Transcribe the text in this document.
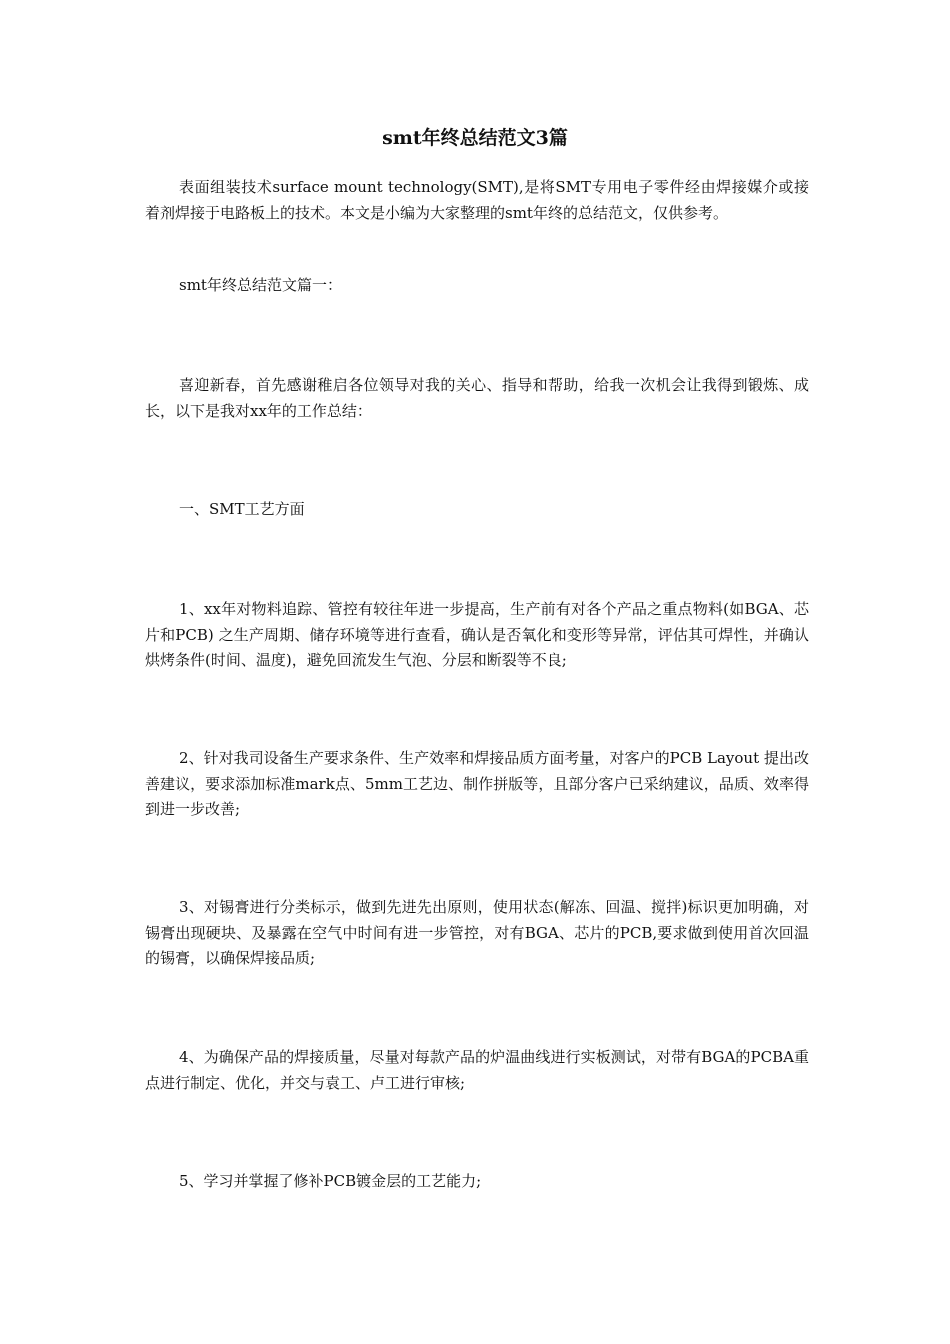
smt年终总结范文3篇
表面组装技术surface mount technology(SMT),是将SMT专用电子零件经由焊接媒介或接着剂焊接于电路板上的技术。本文是小编为大家整理的smt年终的总结范文，仅供参考。
smt年终总结范文篇一：
喜迎新春，首先感谢稚启各位领导对我的关心、指导和帮助，给我一次机会让我得到锻炼、成长，以下是我对xx年的工作总结：
一、SMT工艺方面
1、xx年对物料追踪、管控有较往年进一步提高，生产前有对各个产品之重点物料(如BGA、芯片和PCB) 之生产周期、储存环境等进行查看，确认是否氧化和变形等异常，评估其可焊性，并确认烘烤条件(时间、温度)，避免回流发生气泡、分层和断裂等不良;
2、针对我司设备生产要求条件、生产效率和焊接品质方面考量，对客户的PCB Layout 提出改善建议，要求添加标准mark点、5mm工艺边、制作拼版等，且部分客户已采纳建议，品质、效率得到进一步改善;
3、对锡膏进行分类标示，做到先进先出原则，使用状态(解冻、回温、搅拌)标识更加明确，对锡膏出现硬块、及暴露在空气中时间有进一步管控，对有BGA、芯片的PCB,要求做到使用首次回温的锡膏，以确保焊接品质;
4、为确保产品的焊接质量，尽量对每款产品的炉温曲线进行实板测试，对带有BGA的PCBA重点进行制定、优化，并交与袁工、卢工进行审核;
5、学习并掌握了修补PCB镀金层的工艺能力;
